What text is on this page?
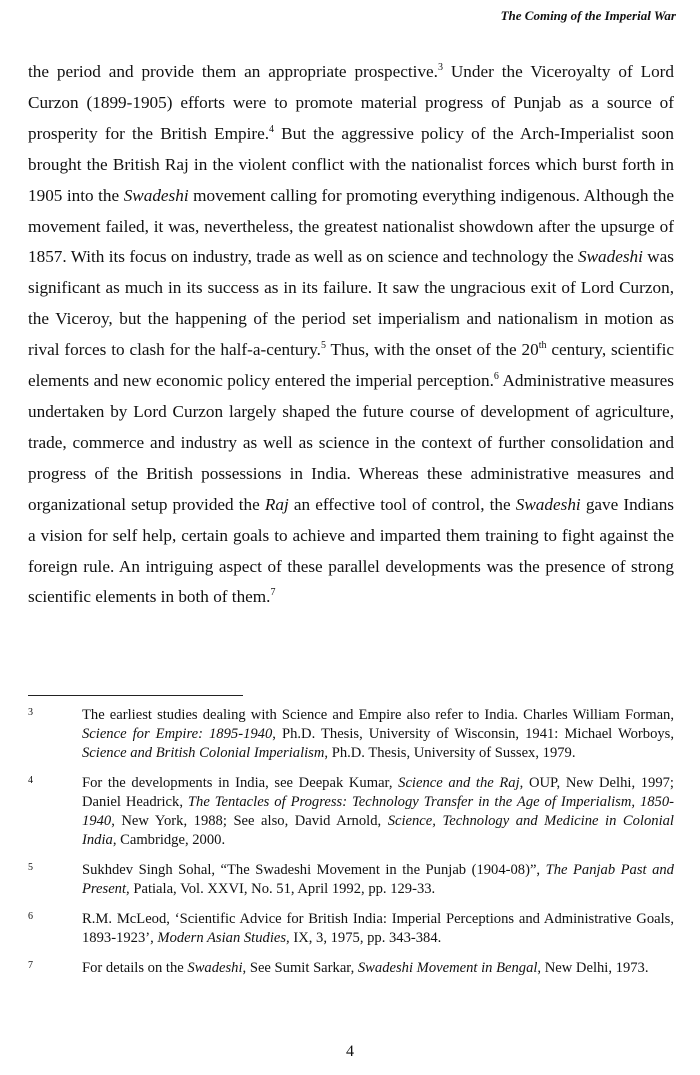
The Coming of the Imperial War

the period and provide them an appropriate prospective.$^3$ Under the Viceroyalty of Lord Curzon (1899-1905) efforts were to promote material progress of Punjab as a source of prosperity for the British Empire.$^4$ But the aggressive policy of the Arch-Imperialist soon brought the British Raj in the violent conflict with the nationalist forces which burst forth in 1905 into the Swadeshi movement calling for promoting everything indigenous. Although the movement failed, it was, nevertheless, the greatest nationalist showdown after the upsurge of 1857. With its focus on industry, trade as well as on science and technology the Swadeshi was significant as much in its success as in its failure. It saw the ungracious exit of Lord Curzon, the Viceroy, but the happening of the period set imperialism and nationalism in motion as rival forces to clash for the half-a-century.$^5$ Thus, with the onset of the 20th century, scientific elements and new economic policy entered the imperial perception.$^6$ Administrative measures undertaken by Lord Curzon largely shaped the future course of development of agriculture, trade, commerce and industry as well as science in the context of further consolidation and progress of the British possessions in India. Whereas these administrative measures and organizational setup provided the Raj an effective tool of control, the Swadeshi gave Indians a vision for self help, certain goals to achieve and imparted them training to fight against the foreign rule. An intriguing aspect of these parallel developments was the presence of strong scientific elements in both of them.$^7$

3	The earliest studies dealing with Science and Empire also refer to India. Charles William Forman, Science for Empire: 1895-1940, Ph.D. Thesis, University of Wisconsin, 1941: Michael Worboys, Science and British Colonial Imperialism, Ph.D. Thesis, University of Sussex, 1979.
4	For the developments in India, see Deepak Kumar, Science and the Raj, OUP, New Delhi, 1997; Daniel Headrick, The Tentacles of Progress: Technology Transfer in the Age of Imperialism, 1850-1940, New York, 1988; See also, David Arnold, Science, Technology and Medicine in Colonial India, Cambridge, 2000.
5	Sukhdev Singh Sohal, “The Swadeshi Movement in the Punjab (1904-08)”, The Panjab Past and Present, Patiala, Vol. XXVI, No. 51, April 1992, pp. 129-33.
6	R.M. McLeod, ‘Scientific Advice for British India: Imperial Perceptions and Administrative Goals, 1893-1923’, Modern Asian Studies, IX, 3, 1975, pp. 343-384.
7	For details on the Swadeshi, See Sumit Sarkar, Swadeshi Movement in Bengal, New Delhi, 1973.
4
